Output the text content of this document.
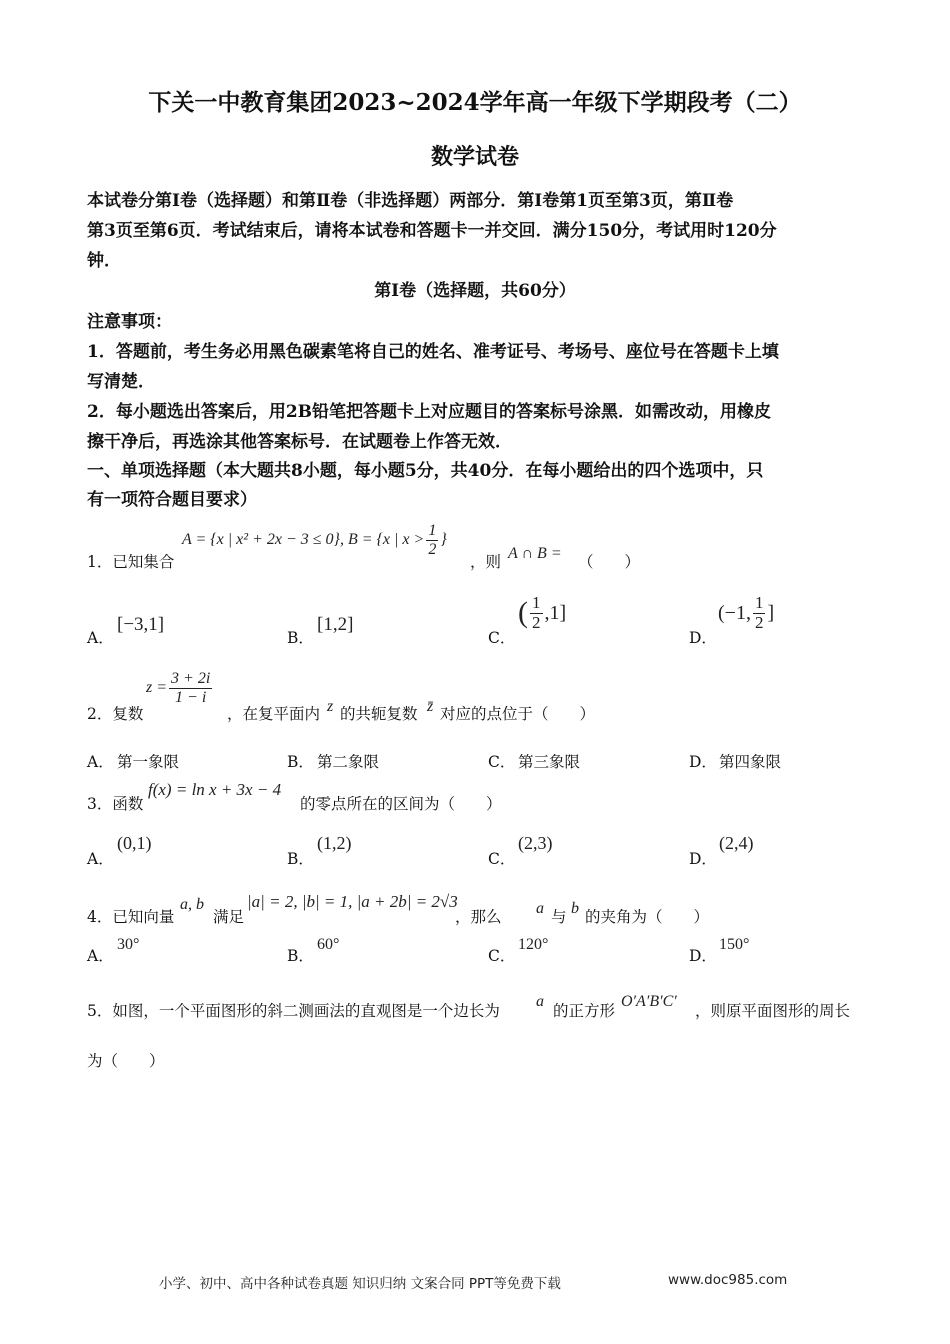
下关一中教育集团2023~2024学年高一年级下学期段考（二）
数学试卷
本试卷分第Ⅰ卷（选择题）和第Ⅱ卷（非选择题）两部分．第Ⅰ卷第1页至第3页，第Ⅱ卷
第3页至第6页．考试结束后，请将本试卷和答题卡一并交回．满分150分，考试用时120分
钟．
第Ⅰ卷（选择题，共60分）
注意事项：
1．答题前，考生务必用黑色碳素笔将自己的姓名、准考证号、考场号、座位号在答题卡上填
写清楚．
2．每小题选出答案后，用2B铅笔把答题卡上对应题目的答案标号涂黑．如需改动，用橡皮
擦干净后，再选涂其他答案标号．在试题卷上作答无效．
一、单项选择题（本大题共8小题，每小题5分，共40分．在每小题给出的四个选项中，只
有一项符合题目要求）
1．已知集合
A = {x | x² + 2x − 3 ≤ 0}, B = {x | $x > \frac{1}{2}$ }
，则 A ∩ B = （　　）
A．
[−3,1]
B．
[1,2]
C．
( $\frac{1}{2} ,1$]
D．
(−1, $\frac{1}{2}$ ]
2．复数
$z = \frac{3 + 2i}{1 - i}$
，在复平面内 z 的共轭复数 z̄ 对应的点位于（　　）
A． 第一象限	B． 第二象限	C． 第三象限	D． 第四象限
3．函数
f(x) = ln x + 3x − 4
的零点所在的区间为（　　）
A．
(0,1)
B．
(1,2)
C．
(2,3)
D．
(2,4)
4．已知向量
a, b
满足
|a| = 2, |b| = 1, |a + 2b| = 2√3
，那么 a 与 b 的夹角为（　　）
A．
30°
B．
60°
C．
120°
D．
150°
5．如图，一个平面图形的斜二测画法的直观图是一个边长为
a
的正方形
O′A′B′C′
，则原平面图形的周长
为（　　）
小学、初中、高中各种试卷真题 知识归纳 文案合同 PPT等免费下载	www.doc985.com
